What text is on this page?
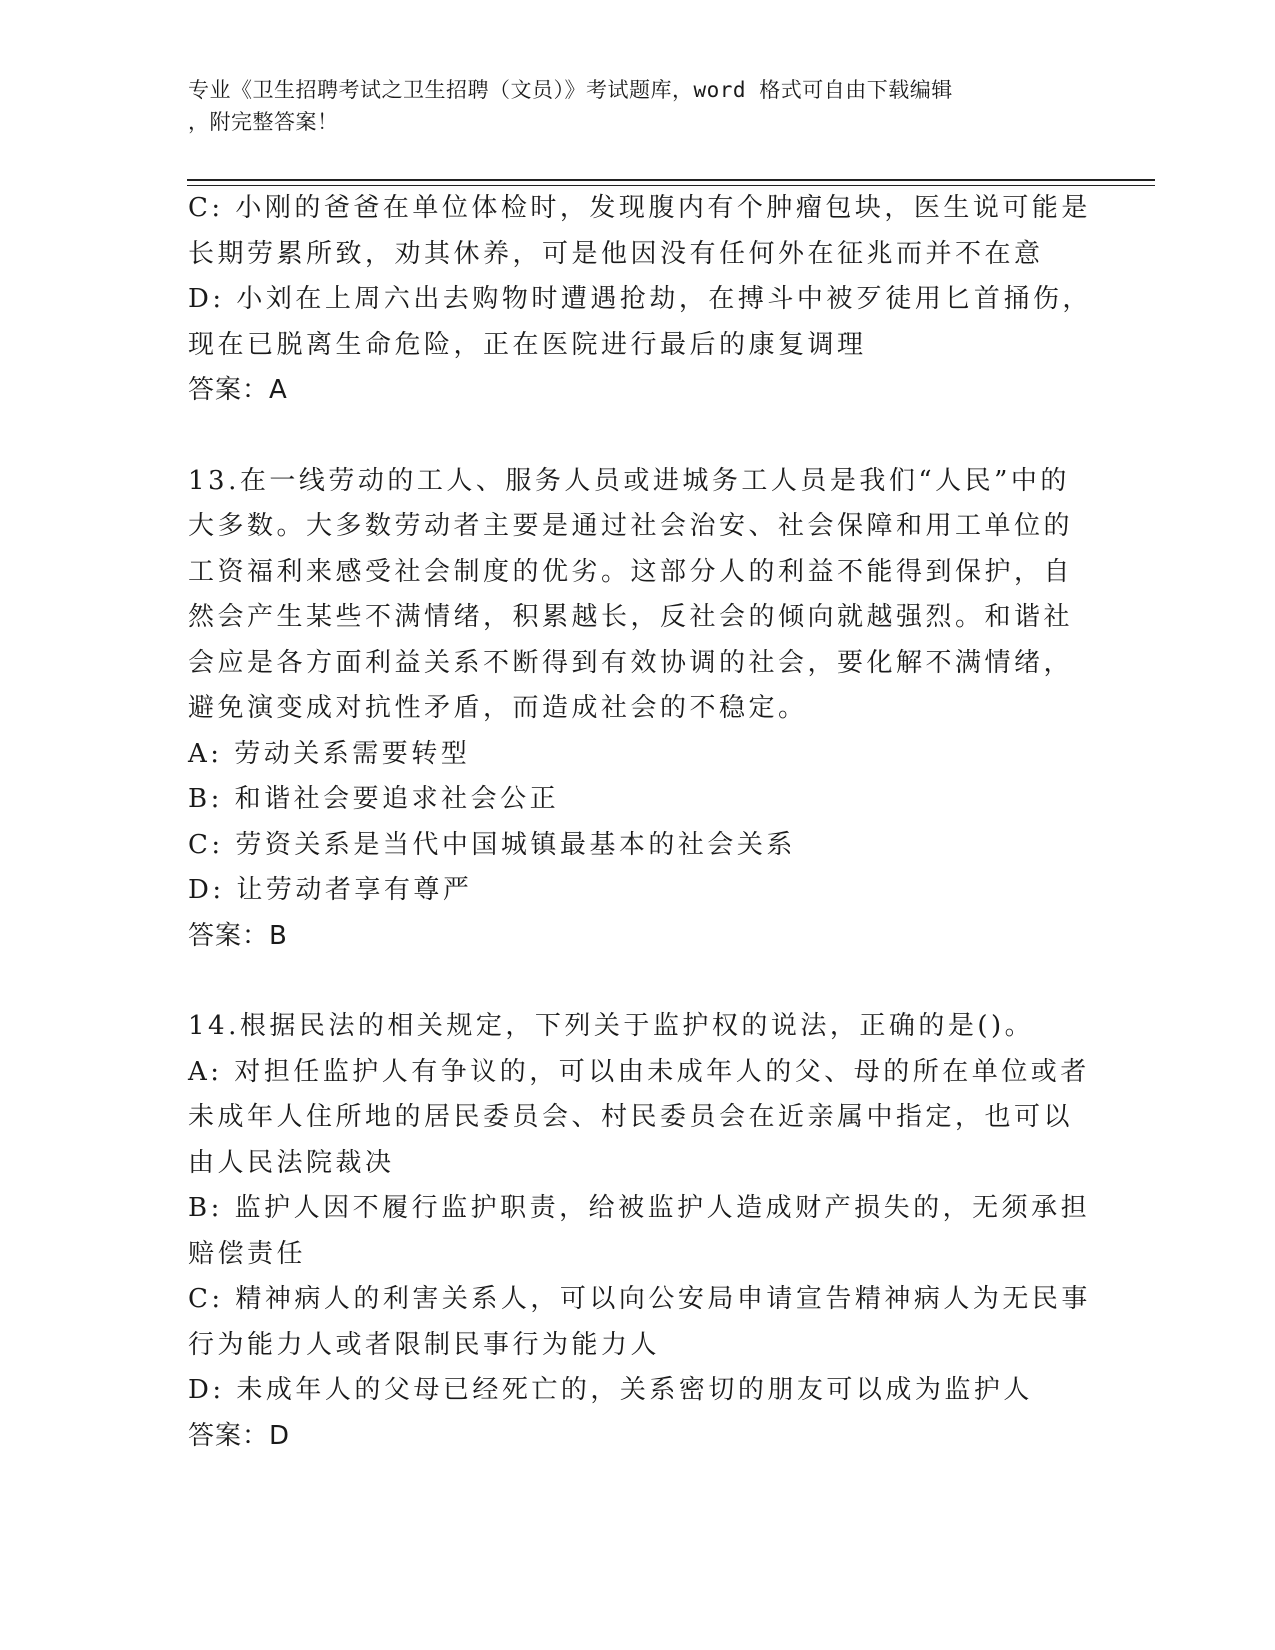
专业《卫生招聘考试之卫生招聘（文员）》考试题库，word 格式可自由下载编辑
，附完整答案！
C: 小刚的爸爸在单位体检时，发现腹内有个肿瘤包块，医生说可能是
长期劳累所致，劝其休养，可是他因没有任何外在征兆而并不在意
D: 小刘在上周六出去购物时遭遇抢劫，在搏斗中被歹徒用匕首捅伤，
现在已脱离生命危险，正在医院进行最后的康复调理
答案：A
13.在一线劳动的工人、服务人员或进城务工人员是我们“人民”中的
大多数。大多数劳动者主要是通过社会治安、社会保障和用工单位的
工资福利来感受社会制度的优劣。这部分人的利益不能得到保护，自
然会产生某些不满情绪，积累越长，反社会的倾向就越强烈。和谐社
会应是各方面利益关系不断得到有效协调的社会，要化解不满情绪，
避免演变成对抗性矛盾，而造成社会的不稳定。
A: 劳动关系需要转型
B: 和谐社会要追求社会公正
C: 劳资关系是当代中国城镇最基本的社会关系
D: 让劳动者享有尊严
答案：B
14.根据民法的相关规定，下列关于监护权的说法，正确的是()。
A: 对担任监护人有争议的，可以由未成年人的父、母的所在单位或者
未成年人住所地的居民委员会、村民委员会在近亲属中指定，也可以
由人民法院裁决
B: 监护人因不履行监护职责，给被监护人造成财产损失的，无须承担
赔偿责任
C: 精神病人的利害关系人，可以向公安局申请宣告精神病人为无民事
行为能力人或者限制民事行为能力人
D: 未成年人的父母已经死亡的，关系密切的朋友可以成为监护人
答案：D
